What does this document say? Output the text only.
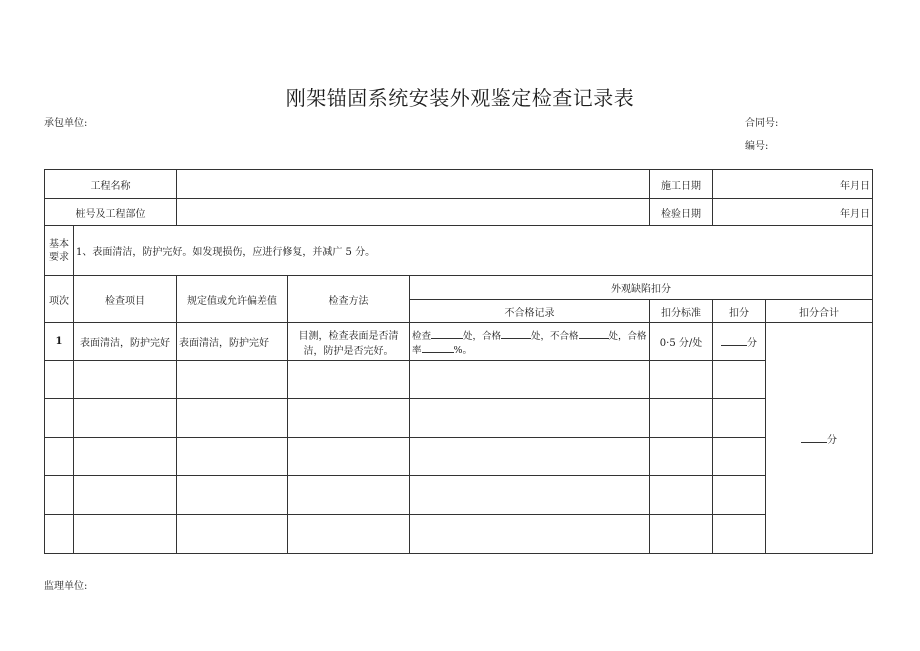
刚架锚固系统安装外观鉴定检查记录表
承包单位:	合同号:
编号:
工程名称					施工日期	年月日	
桩号及工程部位					检验日期	年月日	

基本
要求	1、表面清洁，防护完好。如发现损伤，应进行修复，并减广 5 分。						
项次	检查项目	规定值或允许偏差值	检查方法	外观缺陷扣分			
				不合格记录	扣分标准	扣分	扣分合计
1	表面清洁，防护完好	表面清洁，防护完好	目测，检查表面是否清洁，防护是否完好。	检查 处，合格 处，不合格 处，合格率 %。	0·5 分/处	分	分

监理单位:
